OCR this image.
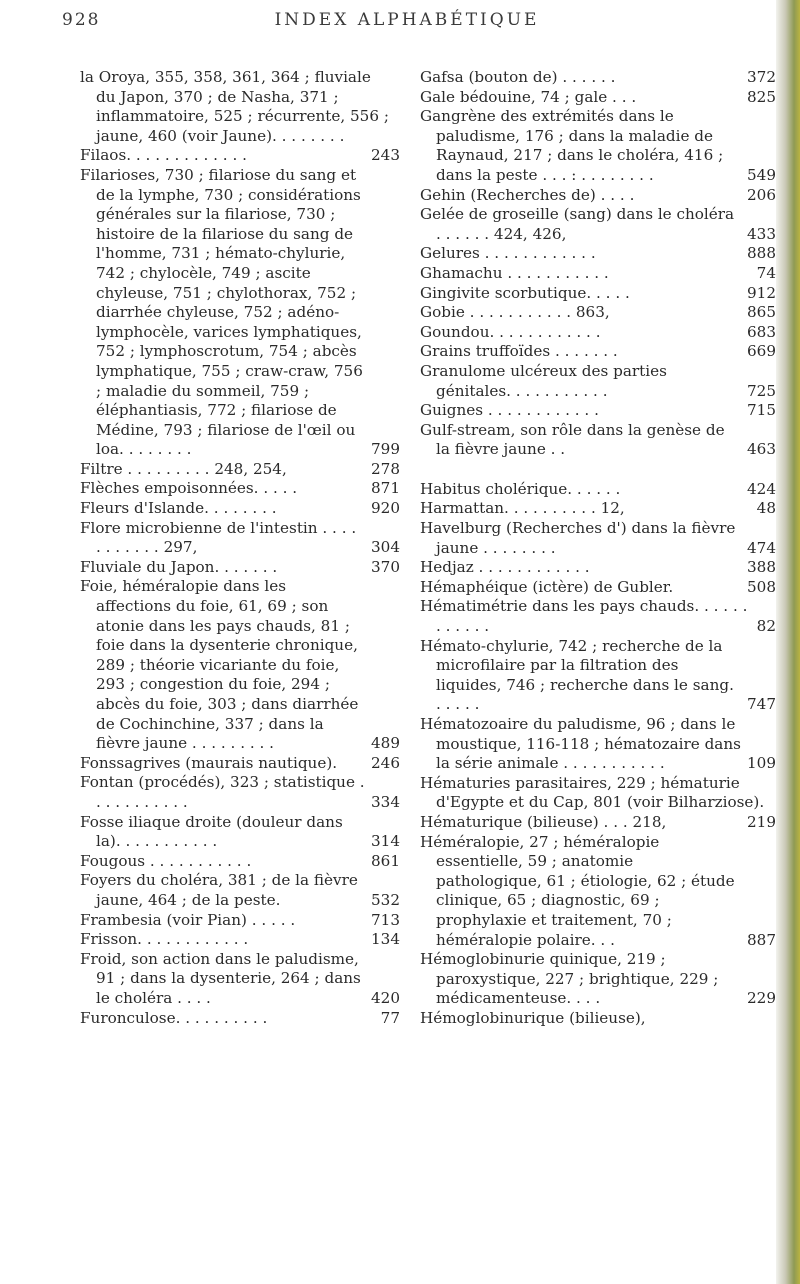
928	INDEX ALPHABÉTIQUE
la Oroya, 355, 358, 361, 364 ; fluviale du Japon, 370 ; de Nasha, 371 ; inflammatoire, 525 ; récurrente, 556 ; jaune, 460 (voir Jaune). . . . . . . .
Filaos. . . . . . . . . . . . .	243
Filarioses, 730 ; filariose du sang et de la lymphe, 730 ; considérations générales sur la filariose, 730 ; histoire de la filariose du sang de l'homme, 731 ; hémato-chylurie, 742 ; chylocèle, 749 ; ascite chyleuse, 751 ; chylothorax, 752 ; diarrhée chyleuse, 752 ; adéno-lymphocèle, varices lymphatiques, 752 ; lymphoscrotum, 754 ; abcès lymphatique, 755 ; craw-craw, 756 ; maladie du sommeil, 759 ; éléphantiasis, 772 ; filariose de Médine, 793 ; filariose de l'œil ou loa. . . . . . . .	799
Filtre . . . . . . . . . 248, 254,	278
Flèches empoisonnées. . . . .	871
Fleurs d'Islande. . . . . . . .	920
Flore microbienne de l'intestin . . . . . . . . . . . 297,	304
Fluviale du Japon. . . . . . .	370
Foie, héméralopie dans les affections du foie, 61, 69 ; son atonie dans les pays chauds, 81 ; foie dans la dysenterie chronique, 289 ; théorie vicariante du foie, 293 ; congestion du foie, 294 ; abcès du foie, 303 ; dans diarrhée de Cochinchine, 337 ; dans la fièvre jaune . . . . . . . . .	489
Fonssagrives (maurais nautique).	246
Fontan (procédés), 323 ; statistique . . . . . . . . . . .	334
Fosse iliaque droite (douleur dans la). . . . . . . . . . .	314
Fougous . . . . . . . . . . .	861
Foyers du choléra, 381 ; de la fièvre jaune, 464 ; de la peste.	532
Frambesia (voir Pian) . . . . .	713
Frisson. . . . . . . . . . . .	134
Froid, son action dans le paludisme, 91 ; dans la dysenterie, 264 ; dans le choléra . . . .	420
Furonculose. . . . . . . . . .	77
Gafsa (bouton de) . . . . . .	372
Gale bédouine, 74 ; gale . . .	825
Gangrène des extrémités dans le paludisme, 176 ; dans la maladie de Raynaud, 217 ; dans le choléra, 416 ; dans la peste . . . : . . . . . . . .	549
Gehin (Recherches de) . . . .	206
Gelée de groseille (sang) dans le choléra . . . . . . 424, 426,	433
Gelures . . . . . . . . . . . .	888
Ghamachu . . . . . . . . . . .	74
Gingivite scorbutique. . . . .	912
Gobie . . . . . . . . . . . 863,	865
Goundou. . . . . . . . . . . .	683
Grains truffoïdes . . . . . . .	669
Granulome ulcéreux des parties génitales. . . . . . . . . . .	725
Guignes . . . . . . . . . . . .	715
Gulf-stream, son rôle dans la genèse de la fièvre jaune . .	463
Habitus cholérique. . . . . .	424
Harmattan. . . . . . . . . . 12,	48
Havelburg (Recherches d') dans la fièvre jaune . . . . . . . .	474
Hedjaz . . . . . . . . . . . .	388
Hémaphéique (ictère) de Gubler.	508
Hématimétrie dans les pays chauds. . . . . . . . . . . .	82
Hémato-chylurie, 742 ; recherche de la microfilaire par la filtration des liquides, 746 ; recherche dans le sang. . . . . .	747
Hématozoaire du paludisme, 96 ; dans le moustique, 116-118 ; hématozaire dans la série animale . . . . . . . . . . .	109
Hématuries parasitaires, 229 ; hématurie d'Egypte et du Cap, 801 (voir Bilharziose).
Hématurique (bilieuse) . . . 218,	219
Héméralopie, 27 ; héméralopie essentielle, 59 ; anatomie pathologique, 61 ; étiologie, 62 ; étude clinique, 65 ; diagnostic, 69 ; prophylaxie et traitement, 70 ; héméralopie polaire. . .	887
Hémoglobinurie quinique, 219 ; paroxystique, 227 ; brightique, 229 ; médicamenteuse. . . .	229
Hémoglobinurique (bilieuse),
